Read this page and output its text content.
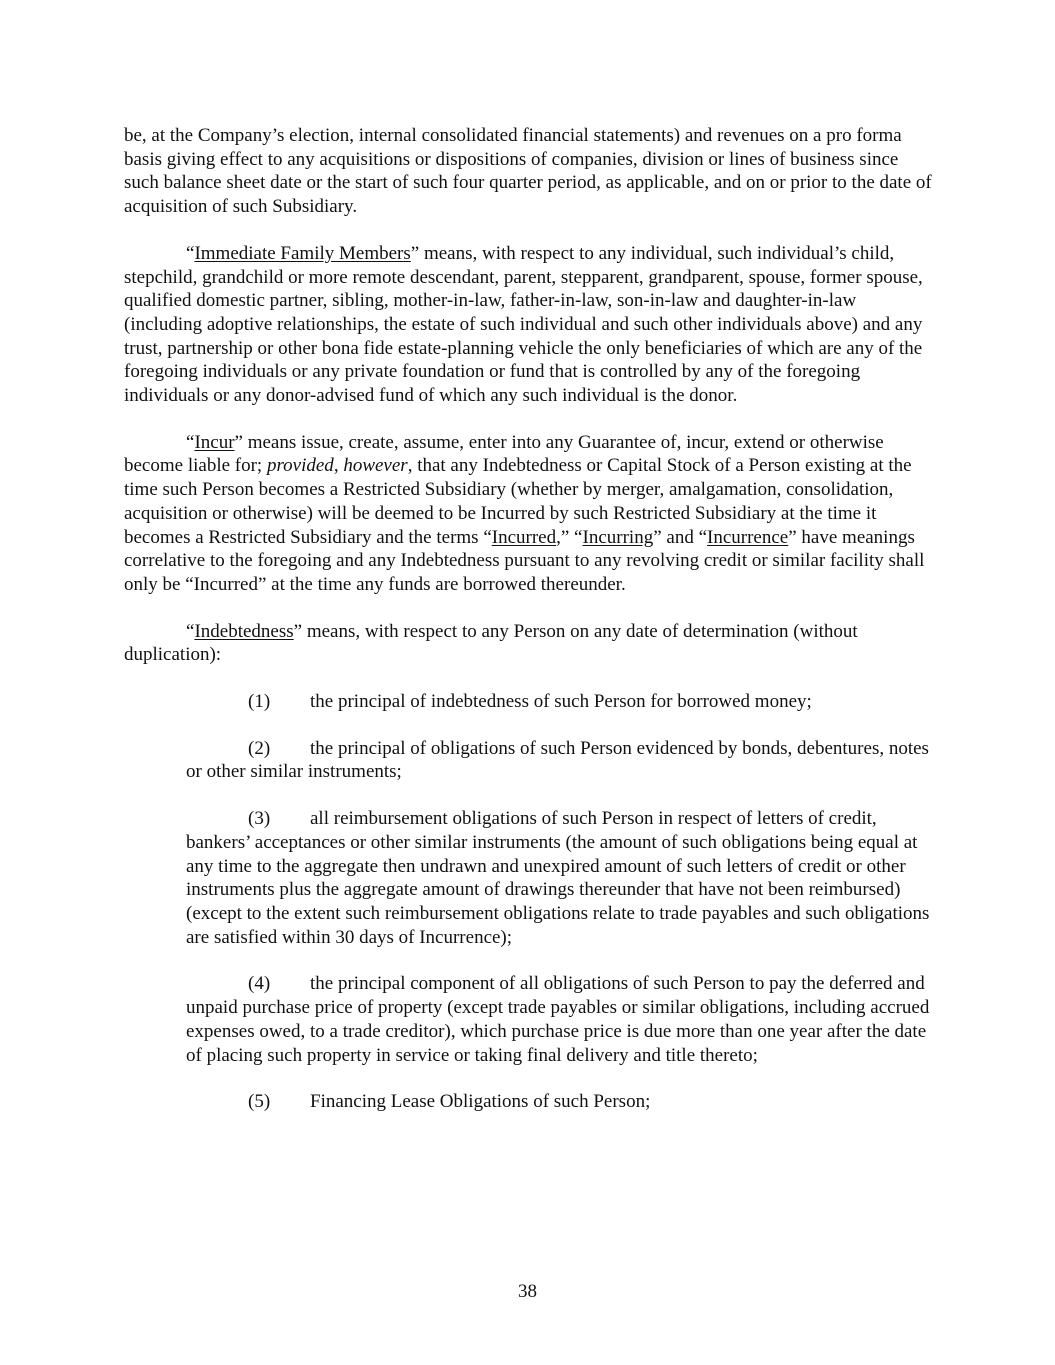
be, at the Company’s election, internal consolidated financial statements) and revenues on a pro forma basis giving effect to any acquisitions or dispositions of companies, division or lines of business since such balance sheet date or the start of such four quarter period, as applicable, and on or prior to the date of acquisition of such Subsidiary.

“Immediate Family Members” means, with respect to any individual, such individual’s child, stepchild, grandchild or more remote descendant, parent, stepparent, grandparent, spouse, former spouse, qualified domestic partner, sibling, mother-in-law, father-in-law, son-in-law and daughter-in-law (including adoptive relationships, the estate of such individual and such other individuals above) and any trust, partnership or other bona fide estate-planning vehicle the only beneficiaries of which are any of the foregoing individuals or any private foundation or fund that is controlled by any of the foregoing individuals or any donor-advised fund of which any such individual is the donor.

“Incur” means issue, create, assume, enter into any Guarantee of, incur, extend or otherwise become liable for; provided, however, that any Indebtedness or Capital Stock of a Person existing at the time such Person becomes a Restricted Subsidiary (whether by merger, amalgamation, consolidation, acquisition or otherwise) will be deemed to be Incurred by such Restricted Subsidiary at the time it becomes a Restricted Subsidiary and the terms “Incurred,” “Incurring” and “Incurrence” have meanings correlative to the foregoing and any Indebtedness pursuant to any revolving credit or similar facility shall only be “Incurred” at the time any funds are borrowed thereunder.

“Indebtedness” means, with respect to any Person on any date of determination (without duplication):

(1) the principal of indebtedness of such Person for borrowed money;

(2) the principal of obligations of such Person evidenced by bonds, debentures, notes or other similar instruments;

(3) all reimbursement obligations of such Person in respect of letters of credit, bankers’ acceptances or other similar instruments (the amount of such obligations being equal at any time to the aggregate then undrawn and unexpired amount of such letters of credit or other instruments plus the aggregate amount of drawings thereunder that have not been reimbursed) (except to the extent such reimbursement obligations relate to trade payables and such obligations are satisfied within 30 days of Incurrence);

(4) the principal component of all obligations of such Person to pay the deferred and unpaid purchase price of property (except trade payables or similar obligations, including accrued expenses owed, to a trade creditor), which purchase price is due more than one year after the date of placing such property in service or taking final delivery and title thereto;

(5) Financing Lease Obligations of such Person;

38
